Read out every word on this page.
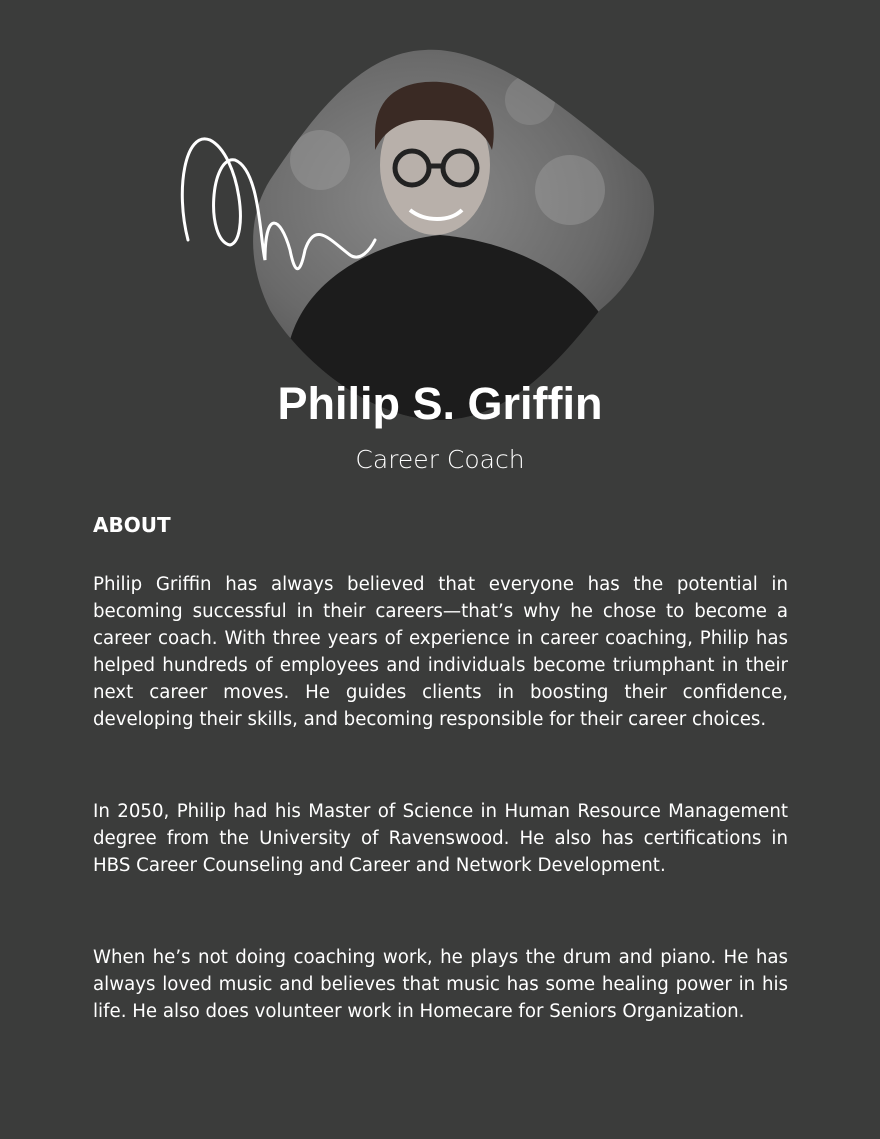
Philip S. Griffin
Career Coach
ABOUT

Philip Griffin has always believed that everyone has the potential in becoming successful in their careers—that’s why he chose to become a career coach. With three years of experience in career coaching, Philip has helped hundreds of employees and individuals become triumphant in their next career moves. He guides clients in boosting their confidence, developing their skills, and becoming responsible for their career choices.

In 2050, Philip had his Master of Science in Human Resource Management degree from the University of Ravenswood. He also has certifications in HBS Career Counseling and Career and Network Development.

When he’s not doing coaching work, he plays the drum and piano. He has always loved music and believes that music has some healing power in his life. He also does volunteer work in Homecare for Seniors Organization.
